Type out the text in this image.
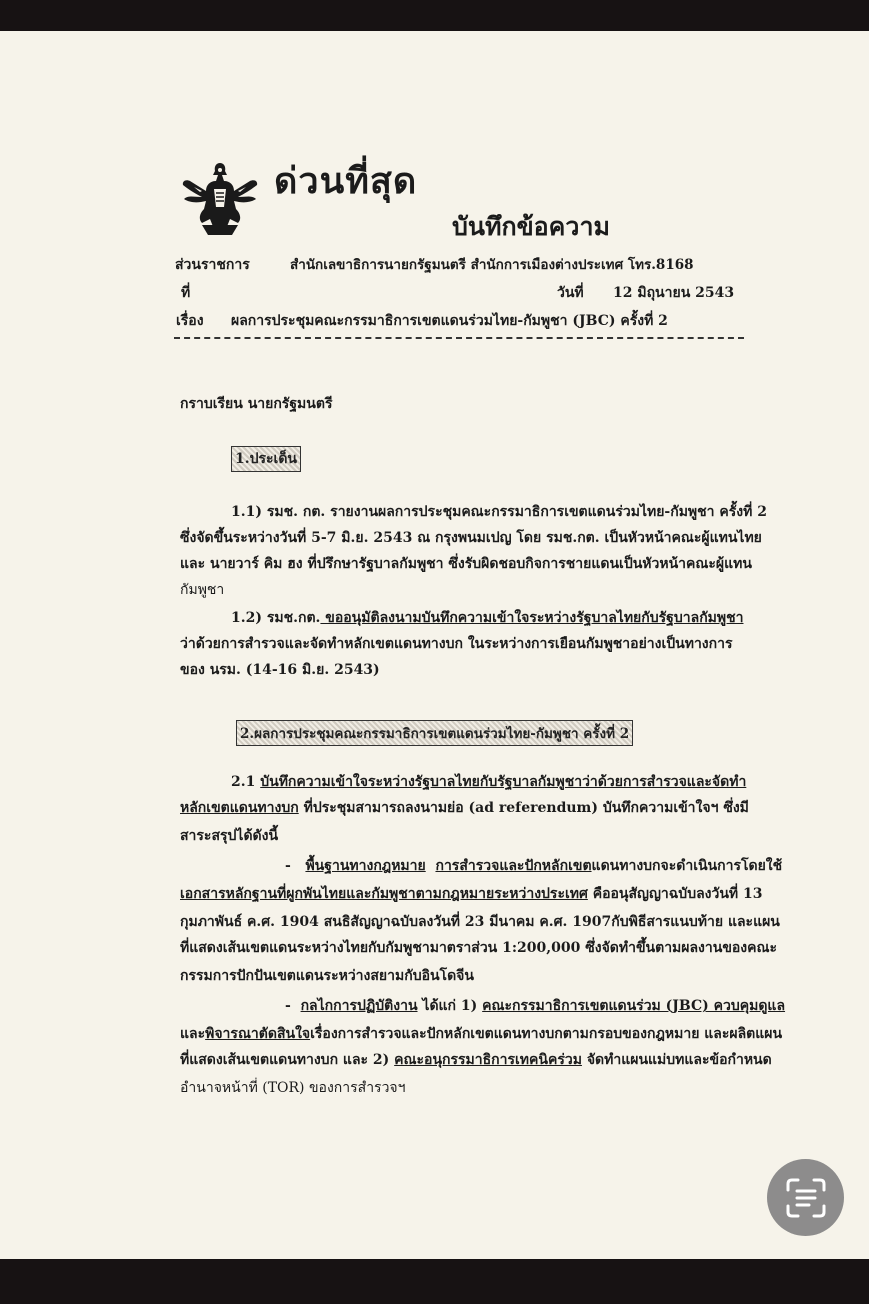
ด่วนที่สุด
บันทึกข้อความ
ส่วนราชการ	สำนักเลขาธิการนายกรัฐมนตรี สำนักการเมืองต่างประเทศ โทร.8168
ที่	วันที่ 12 มิถุนายน 2543
เรื่อง ผลการประชุมคณะกรรมาธิการเขตแดนร่วมไทย-กัมพูชา (JBC) ครั้งที่ 2
กราบเรียน นายกรัฐมนตรี
1.ประเด็น
1.1) รมช. กต. รายงานผลการประชุมคณะกรรมาธิการเขตแดนร่วมไทย-กัมพูชา ครั้งที่ 2
ซึ่งจัดขึ้นระหว่างวันที่ 5-7 มิ.ย. 2543 ณ กรุงพนมเปญ โดย รมช.กต. เป็นหัวหน้าคณะผู้แทนไทย
และ นายวาร์ คิม ฮง ที่ปรึกษารัฐบาลกัมพูชา ซึ่งรับผิดชอบกิจการชายแดนเป็นหัวหน้าคณะผู้แทน
กัมพูชา
1.2) รมช.กต. ขออนุมัติลงนามบันทึกความเข้าใจระหว่างรัฐบาลไทยกับรัฐบาลกัมพูชา
ว่าด้วยการสำรวจและจัดทำหลักเขตแดนทางบก ในระหว่างการเยือนกัมพูชาอย่างเป็นทางการ
ของ นรม. (14-16 มิ.ย. 2543)
2.ผลการประชุมคณะกรรมาธิการเขตแดนร่วมไทย-กัมพูชา ครั้งที่ 2
2.1 บันทึกความเข้าใจระหว่างรัฐบาลไทยกับรัฐบาลกัมพูชาว่าด้วยการสำรวจและจัดทำ
หลักเขตแดนทางบก ที่ประชุมสามารถลงนามย่อ (ad referendum) บันทึกความเข้าใจฯ ซึ่งมี
สาระสรุปได้ดังนี้
- พื้นฐานทางกฎหมาย การสำรวจและปักหลักเขตแดนทางบกจะดำเนินการโดยใช้
เอกสารหลักฐานที่ผูกพันไทยและกัมพูชาตามกฎหมายระหว่างประเทศ คืออนุสัญญาฉบับลงวันที่ 13
กุมภาพันธ์ ค.ศ. 1904 สนธิสัญญาฉบับลงวันที่ 23 มีนาคม ค.ศ. 1907กับพิธีสารแนบท้าย และแผน
ที่แสดงเส้นเขตแดนระหว่างไทยกับกัมพูชามาตราส่วน 1:200,000 ซึ่งจัดทำขึ้นตามผลงานของคณะ
กรรมการปักปันเขตแดนระหว่างสยามกับอินโดจีน
- กลไกการปฏิบัติงาน ได้แก่ 1) คณะกรรมาธิการเขตแดนร่วม (JBC) ควบคุมดูแล
และพิจารณาตัดสินใจเรื่องการสำรวจและปักหลักเขตแดนทางบกตามกรอบของกฎหมาย และผลิตแผน
ที่แสดงเส้นเขตแดนทางบก และ 2) คณะอนุกรรมาธิการเทคนิคร่วม จัดทำแผนแม่บทและข้อกำหนด
อำนาจหน้าที่ (TOR) ของการสำรวจฯ
